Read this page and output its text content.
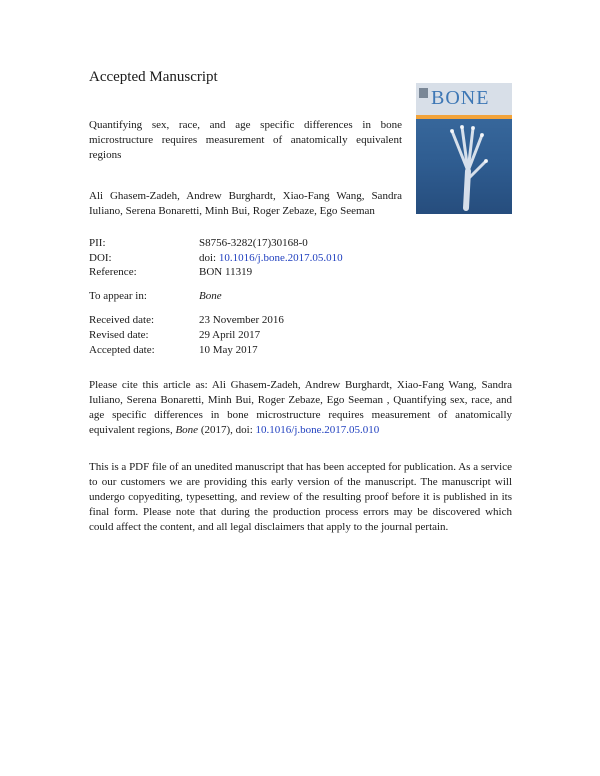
Accepted Manuscript
Quantifying sex, race, and age specific differences in bone microstructure requires measurement of anatomically equivalent regions
BONE
Ali Ghasem-Zadeh, Andrew Burghardt, Xiao-Fang Wang, Sandra Iuliano, Serena Bonaretti, Minh Bui, Roger Zebaze, Ego Seeman
PII:	S8756-3282(17)30168-0
DOI:	doi: 10.1016/j.bone.2017.05.010
Reference:	BON 11319
To appear in:	Bone
Received date:	23 November 2016
Revised date:	29 April 2017
Accepted date:	10 May 2017
Please cite this article as: Ali Ghasem-Zadeh, Andrew Burghardt, Xiao-Fang Wang, Sandra Iuliano, Serena Bonaretti, Minh Bui, Roger Zebaze, Ego Seeman , Quantifying sex, race, and age specific differences in bone microstructure requires measurement of anatomically equivalent regions, Bone (2017), doi: 10.1016/j.bone.2017.05.010
This is a PDF file of an unedited manuscript that has been accepted for publication. As a service to our customers we are providing this early version of the manuscript. The manuscript will undergo copyediting, typesetting, and review of the resulting proof before it is published in its final form. Please note that during the production process errors may be discovered which could affect the content, and all legal disclaimers that apply to the journal pertain.
